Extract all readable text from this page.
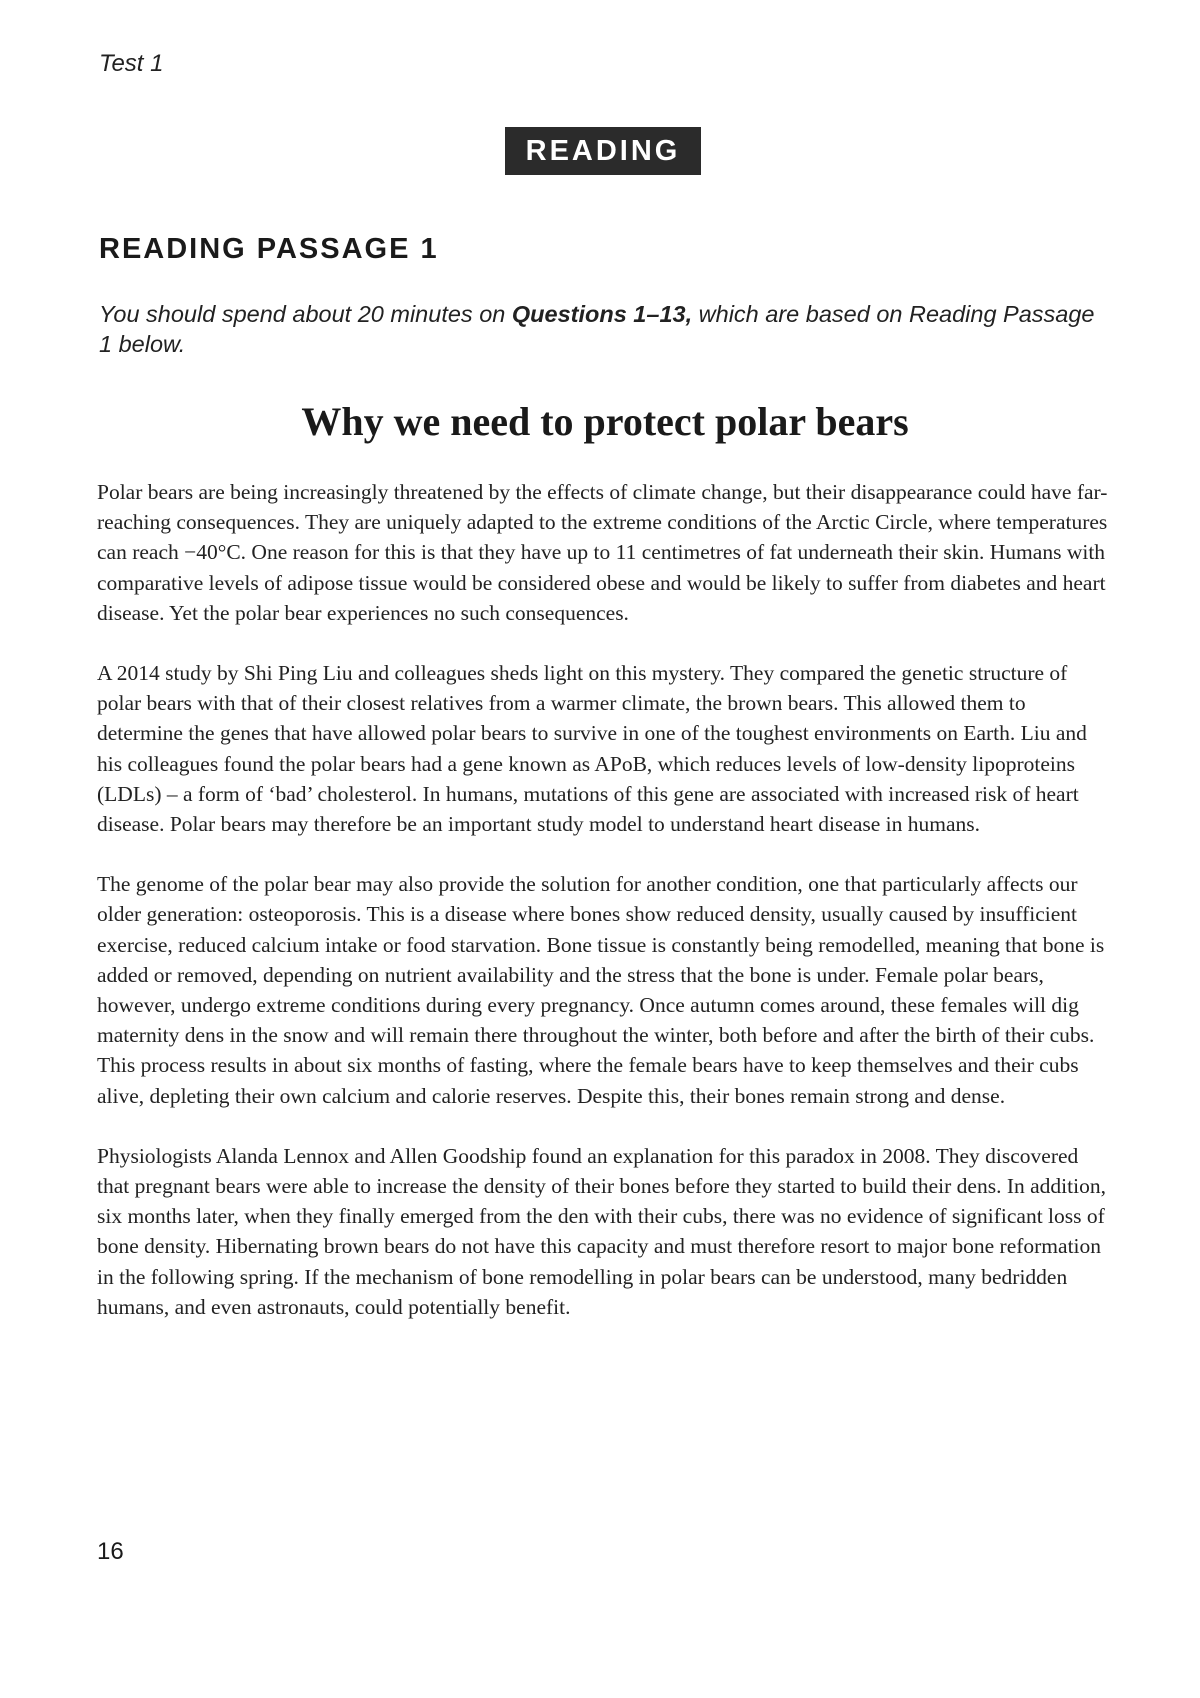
Test 1
READING
READING PASSAGE 1
You should spend about 20 minutes on Questions 1–13, which are based on Reading Passage 1 below.
Why we need to protect polar bears

Polar bears are being increasingly threatened by the effects of climate change, but their disappearance could have far-reaching consequences. They are uniquely adapted to the extreme conditions of the Arctic Circle, where temperatures can reach −40°C. One reason for this is that they have up to 11 centimetres of fat underneath their skin. Humans with comparative levels of adipose tissue would be considered obese and would be likely to suffer from diabetes and heart disease. Yet the polar bear experiences no such consequences.

A 2014 study by Shi Ping Liu and colleagues sheds light on this mystery. They compared the genetic structure of polar bears with that of their closest relatives from a warmer climate, the brown bears. This allowed them to determine the genes that have allowed polar bears to survive in one of the toughest environments on Earth. Liu and his colleagues found the polar bears had a gene known as APoB, which reduces levels of low-density lipoproteins (LDLs) – a form of ‘bad’ cholesterol. In humans, mutations of this gene are associated with increased risk of heart disease. Polar bears may therefore be an important study model to understand heart disease in humans.

The genome of the polar bear may also provide the solution for another condition, one that particularly affects our older generation: osteoporosis. This is a disease where bones show reduced density, usually caused by insufficient exercise, reduced calcium intake or food starvation. Bone tissue is constantly being remodelled, meaning that bone is added or removed, depending on nutrient availability and the stress that the bone is under. Female polar bears, however, undergo extreme conditions during every pregnancy. Once autumn comes around, these females will dig maternity dens in the snow and will remain there throughout the winter, both before and after the birth of their cubs. This process results in about six months of fasting, where the female bears have to keep themselves and their cubs alive, depleting their own calcium and calorie reserves. Despite this, their bones remain strong and dense.

Physiologists Alanda Lennox and Allen Goodship found an explanation for this paradox in 2008. They discovered that pregnant bears were able to increase the density of their bones before they started to build their dens. In addition, six months later, when they finally emerged from the den with their cubs, there was no evidence of significant loss of bone density. Hibernating brown bears do not have this capacity and must therefore resort to major bone reformation in the following spring. If the mechanism of bone remodelling in polar bears can be understood, many bedridden humans, and even astronauts, could potentially benefit.

16
